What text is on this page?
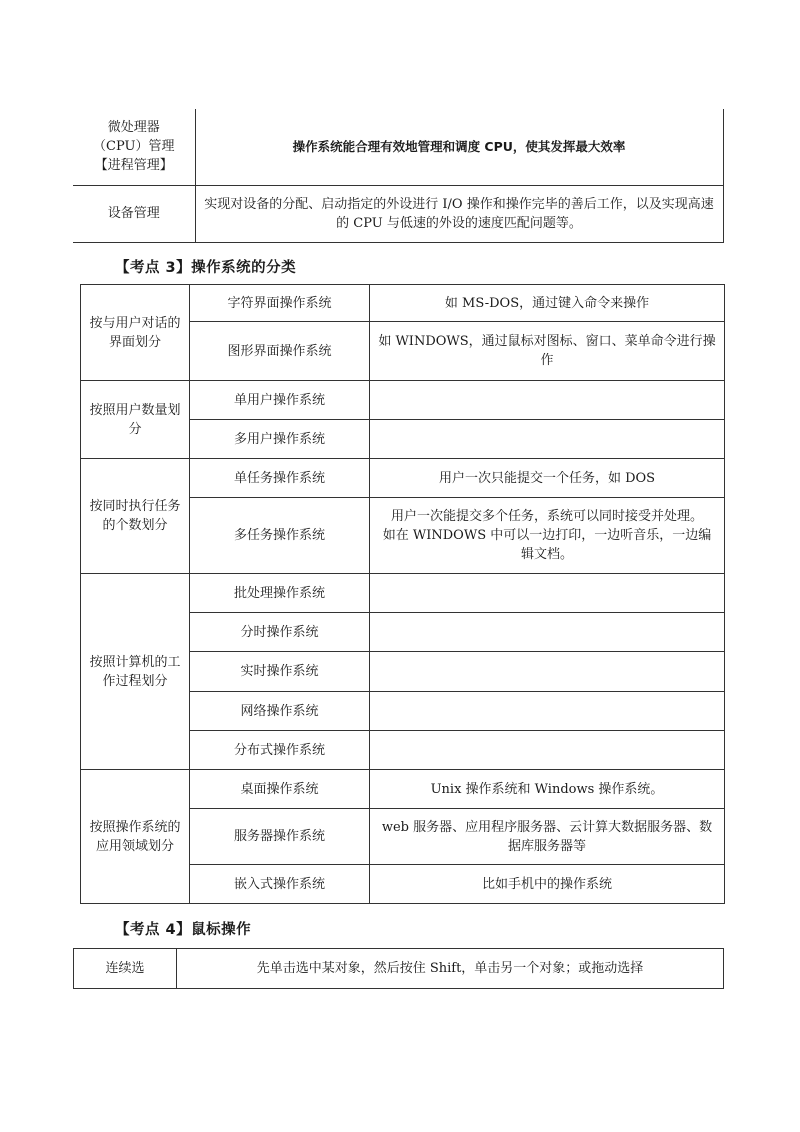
微处理器
（CPU）管理
【进程管理】	操作系统能合理有效地管理和调度 CPU，使其发挥最大效率
设备管理	实现对设备的分配、启动指定的外设进行 I/O 操作和操作完毕的善后工作，以及实现高速的 CPU 与低速的外设的速度匹配问题等。
【考点 3】操作系统的分类
按与用户对话的界面划分	字符界面操作系统	如 MS-DOS，通过键入命令来操作
	图形界面操作系统	如 WINDOWS，通过鼠标对图标、窗口、菜单命令进行操作
按照用户数量划分	单用户操作系统	
	多用户操作系统	
按同时执行任务的个数划分	单任务操作系统	用户一次只能提交一个任务，如 DOS
	多任务操作系统	用户一次能提交多个任务，系统可以同时接受并处理。
如在 WINDOWS 中可以一边打印，一边听音乐，一边编辑文档。
按照计算机的工作过程划分	批处理操作系统	
	分时操作系统	
	实时操作系统	
	网络操作系统	
	分布式操作系统	
按照操作系统的应用领域划分	桌面操作系统	Unix 操作系统和 Windows 操作系统。
	服务器操作系统	web 服务器、应用程序服务器、云计算大数据服务器、数据库服务器等
	嵌入式操作系统	比如手机中的操作系统
【考点 4】鼠标操作
连续选	先单击选中某对象，然后按住 Shift，单击另一个对象；或拖动选择
